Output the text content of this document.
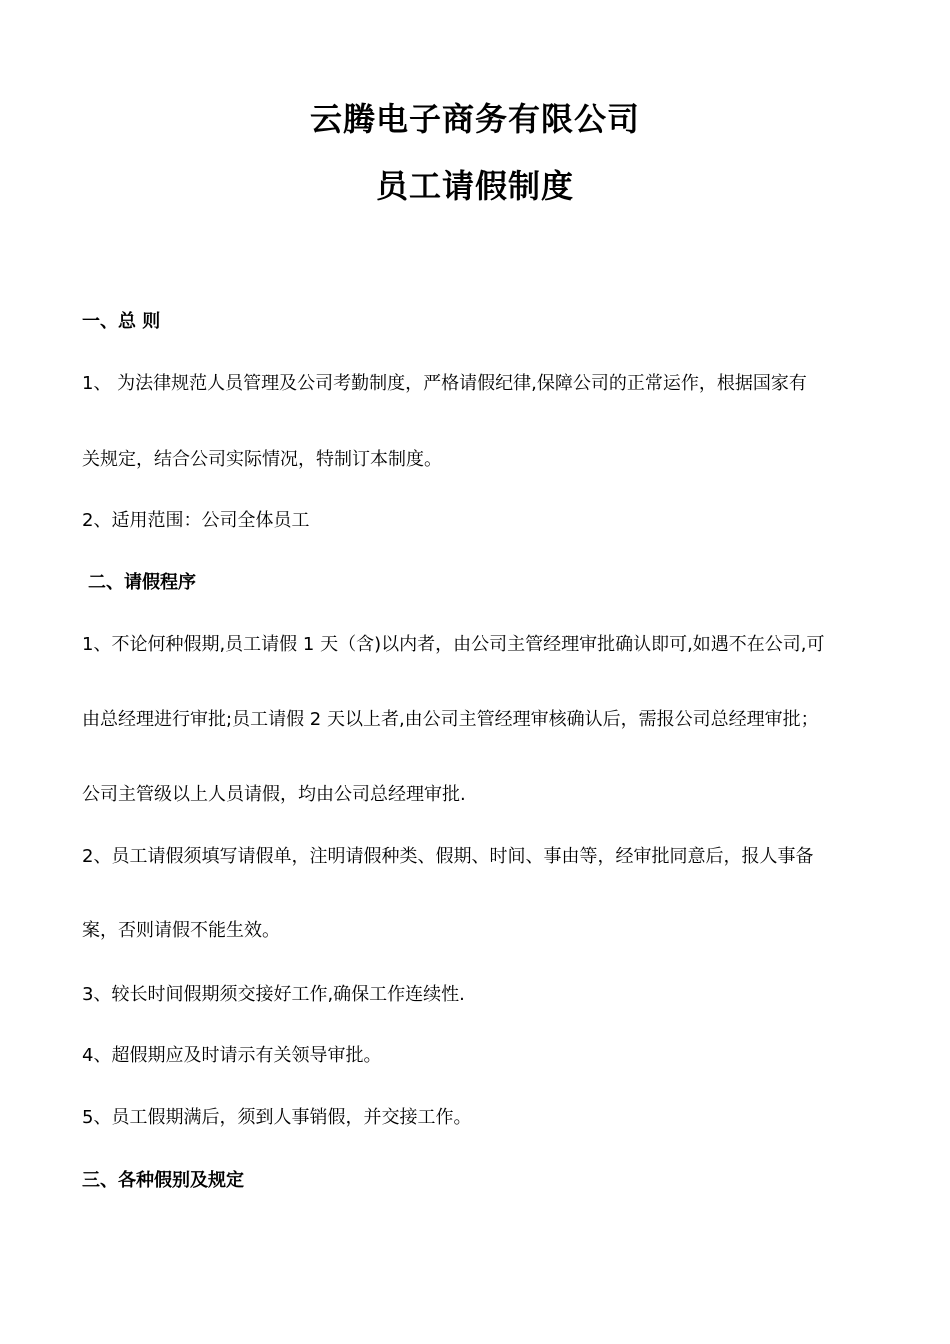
云腾电子商务有限公司
员工请假制度
一、总 则
1、 为法律规范人员管理及公司考勤制度，严格请假纪律,保障公司的正常运作，根据国家有
关规定，结合公司实际情况，特制订本制度。
2、适用范围：公司全体员工
二、请假程序
1、不论何种假期,员工请假 1 天（含)以内者，由公司主管经理审批确认即可,如遇不在公司,可
由总经理进行审批;员工请假 2 天以上者,由公司主管经理审核确认后，需报公司总经理审批；
公司主管级以上人员请假，均由公司总经理审批.
2、员工请假须填写请假单，注明请假种类、假期、时间、事由等，经审批同意后，报人事备
案，否则请假不能生效。
3、较长时间假期须交接好工作,确保工作连续性.
4、超假期应及时请示有关领导审批。
5、员工假期满后，须到人事销假，并交接工作。
三、各种假别及规定
